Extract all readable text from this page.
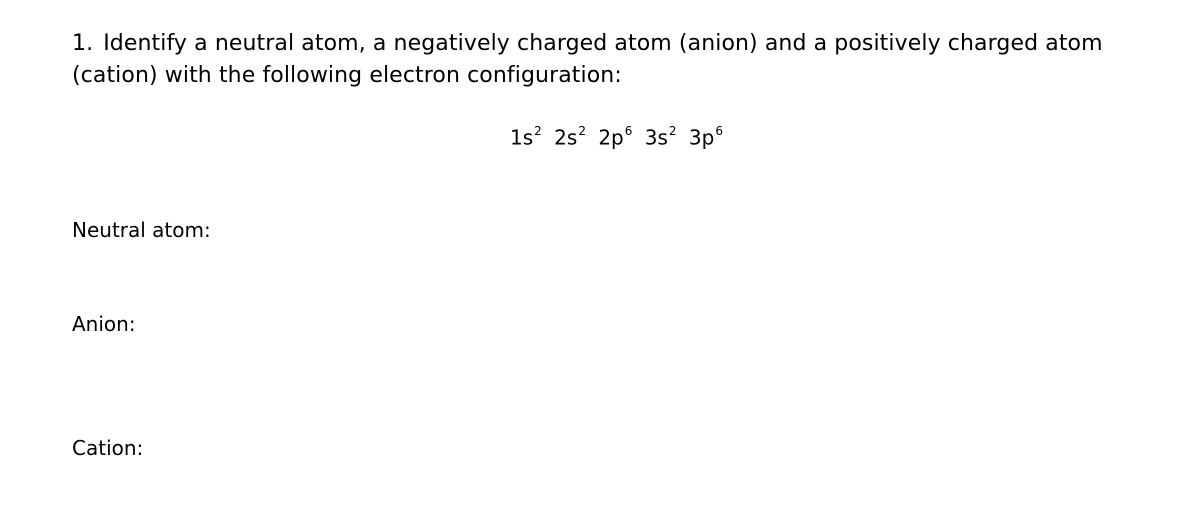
1. Identify a neutral atom, a negatively charged atom (anion) and a positively charged atom (cation) with the following electron configuration:
$1s^2$ $2s^2$ $2p^6$ $3s^2$ $3p^6$
Neutral atom:
Anion:
Cation:
